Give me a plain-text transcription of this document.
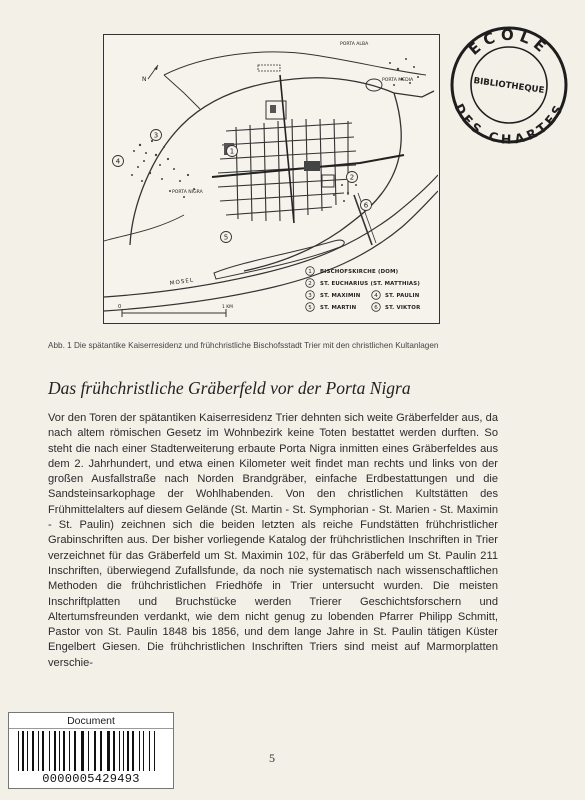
1
2
3
4
5
6
PORTA ALBA
PORTA MEDIA
PORTA NIGRA
MOSEL
N
0	1 KM
1 BISCHOFSKIRCHE (DOM)
2 ST. EUCHARIUS (ST. MATTHIAS)
3 ST. MAXIMIN	4 ST. PAULIN
5 ST. MARTIN	6 ST. VIKTOR
ECOLE
DES CHARTES
BIBLIOTHEQUE
Abb. 1 Die spätantike Kaiserresidenz und frühchristliche Bischofsstadt Trier mit den christlichen Kultanlagen
Das frühchristliche Gräberfeld vor der Porta Nigra
Vor den Toren der spätantiken Kaiserresidenz Trier dehnten sich weite Gräberfelder aus, da nach altem römischen Gesetz im Wohnbezirk keine Toten bestattet werden durften. So steht die nach einer Stadterweiterung erbaute Porta Nigra inmitten eines Gräberfeldes aus dem 2. Jahrhundert, und etwa einen Kilometer weit findet man rechts und links von der großen Ausfallstraße nach Norden Brandgräber, einfache Erdbestattungen und die Sandsteinsarkophage der Wohlhabenden. Von den christlichen Kultstätten des Frühmittelalters auf diesem Gelände (St. Martin - St. Symphorian - St. Marien - St. Maximin - St. Paulin) zeichnen sich die beiden letzten als reiche Fundstätten frühchristlicher Grabinschriften aus. Der bisher vorliegende Katalog der frühchristlichen Inschriften in Trier verzeichnet für das Gräberfeld um St. Maximin 102, für das Gräberfeld um St. Paulin 211 Inschriften, überwiegend Zufallsfunde, da noch nie systematisch nach wissenschaftlichen Methoden die frühchristlichen Friedhöfe in Trier untersucht wurden. Die meisten Inschriftplatten und Bruchstücke werden Trierer Geschichtsforschern und Altertumsfreunden verdankt, wie dem nicht genug zu lobenden Pfarrer Philipp Schmitt, Pastor von St. Paulin 1848 bis 1856, und dem lange Jahre in St. Paulin tätigen Küster Engelbert Giesen. Die frühchristlichen Inschriften Triers sind meist auf Marmorplatten verschie-
5
Document
0000005429493
